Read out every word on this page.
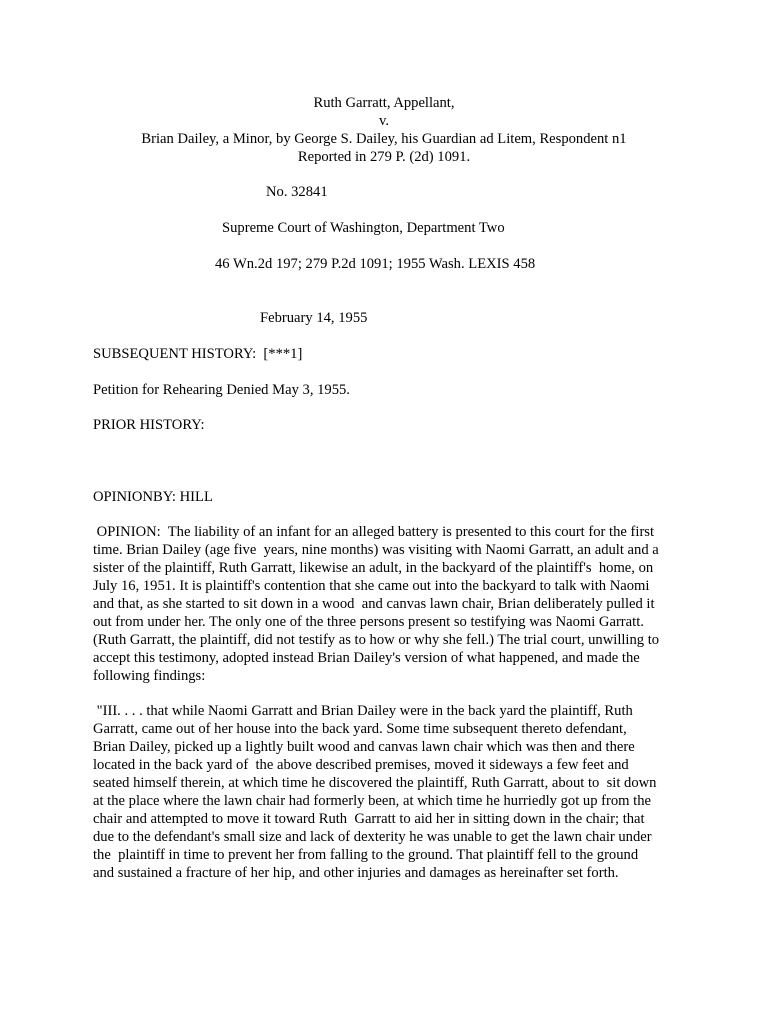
Ruth Garratt, Appellant,
v.
Brian Dailey, a Minor, by George S. Dailey, his Guardian ad Litem, Respondent n1
Reported in 279 P. (2d) 1091.
No. 32841
Supreme Court of Washington, Department Two
46 Wn.2d 197; 279 P.2d 1091; 1955 Wash. LEXIS 458
February 14, 1955
SUBSEQUENT HISTORY:  [***1]
Petition for Rehearing Denied May 3, 1955.
PRIOR HISTORY:
OPINIONBY: HILL
OPINION:  The liability of an infant for an alleged battery is presented to this court for the first
time. Brian Dailey (age five  years, nine months) was visiting with Naomi Garratt, an adult and a
sister of the plaintiff, Ruth Garratt, likewise an adult, in the backyard of the plaintiff's  home, on
July 16, 1951. It is plaintiff's contention that she came out into the backyard to talk with Naomi
and that, as she started to sit down in a wood  and canvas lawn chair, Brian deliberately pulled it
out from under her. The only one of the three persons present so testifying was Naomi Garratt.
(Ruth Garratt, the plaintiff, did not testify as to how or why she fell.) The trial court, unwilling to
accept this testimony, adopted instead Brian Dailey's version of what happened, and made the
following findings:
"III. . . . that while Naomi Garratt and Brian Dailey were in the back yard the plaintiff, Ruth
Garratt, came out of her house into the back yard. Some time subsequent thereto defendant,
Brian Dailey, picked up a lightly built wood and canvas lawn chair which was then and there
located in the back yard of  the above described premises, moved it sideways a few feet and
seated himself therein, at which time he discovered the plaintiff, Ruth Garratt, about to  sit down
at the place where the lawn chair had formerly been, at which time he hurriedly got up from the
chair and attempted to move it toward Ruth  Garratt to aid her in sitting down in the chair; that
due to the defendant's small size and lack of dexterity he was unable to get the lawn chair under
the  plaintiff in time to prevent her from falling to the ground. That plaintiff fell to the ground
and sustained a fracture of her hip, and other injuries and damages as hereinafter set forth.
